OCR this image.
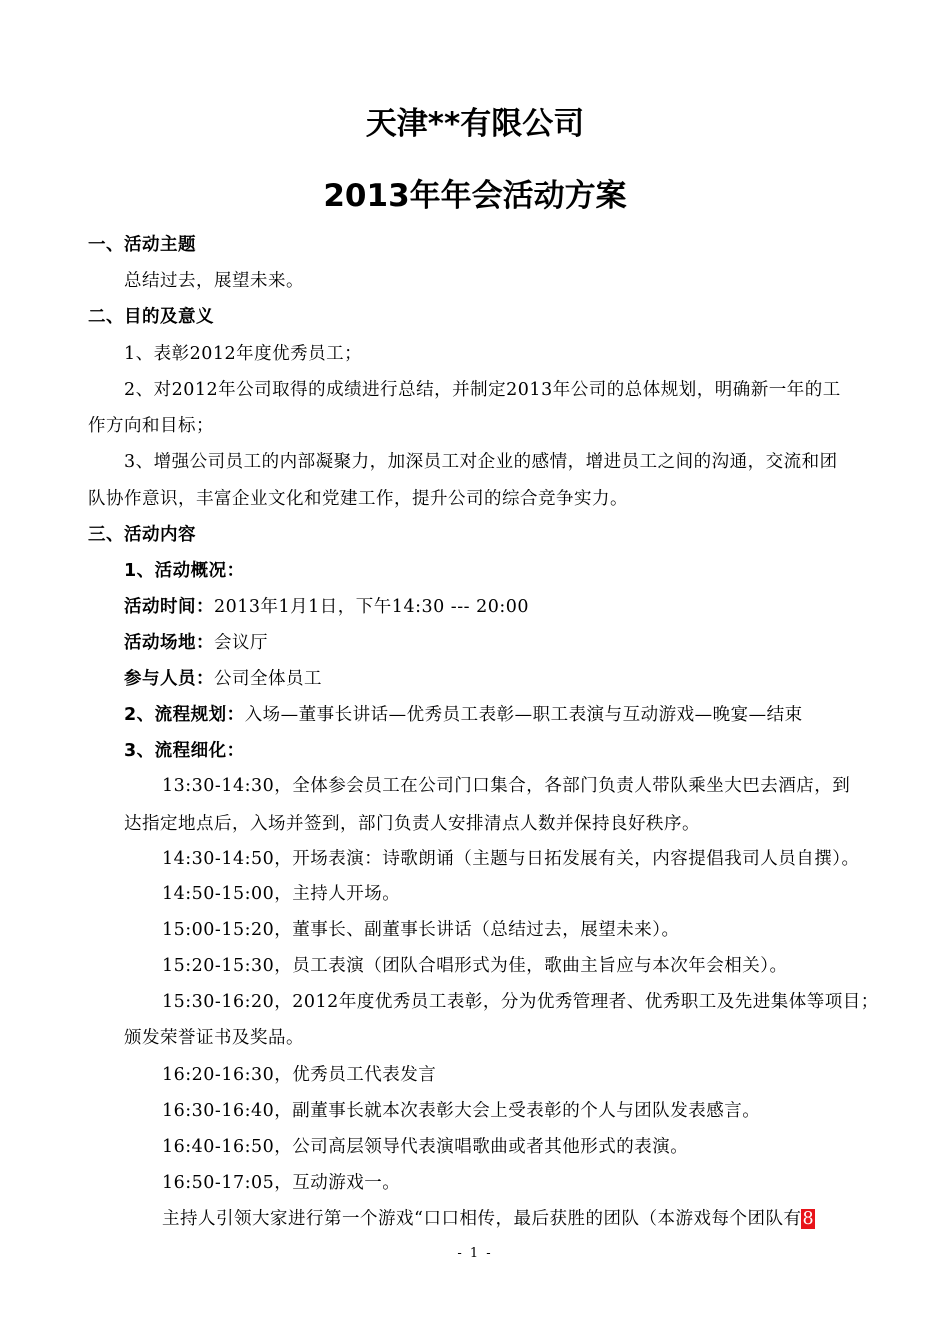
天津**有限公司
2013年年会活动方案
一、活动主题
总结过去，展望未来。
二、目的及意义
1、表彰2012年度优秀员工；
2、对2012年公司取得的成绩进行总结，并制定2013年公司的总体规划，明确新一年的工
作方向和目标；
3、增强公司员工的内部凝聚力，加深员工对企业的感情，增进员工之间的沟通，交流和团
队协作意识，丰富企业文化和党建工作，提升公司的综合竞争实力。
三、活动内容
1、活动概况：
活动时间：2013年1月1日，下午14:30 --- 20:00
活动场地：会议厅
参与人员：公司全体员工
2、流程规划：入场—董事长讲话—优秀员工表彰—职工表演与互动游戏—晚宴—结束
3、流程细化：
13:30-14:30，全体参会员工在公司门口集合，各部门负责人带队乘坐大巴去酒店，到
达指定地点后，入场并签到，部门负责人安排清点人数并保持良好秩序。
14:30-14:50，开场表演：诗歌朗诵（主题与日拓发展有关，内容提倡我司人员自撰）。
14:50-15:00，主持人开场。
15:00-15:20，董事长、副董事长讲话（总结过去，展望未来）。
15:20-15:30，员工表演（团队合唱形式为佳，歌曲主旨应与本次年会相关）。
15:30-16:20，2012年度优秀员工表彰，分为优秀管理者、优秀职工及先进集体等项目；
颁发荣誉证书及奖品。
16:20-16:30，优秀员工代表发言
16:30-16:40，副董事长就本次表彰大会上受表彰的个人与团队发表感言。
16:40-16:50，公司高层领导代表演唱歌曲或者其他形式的表演。
16:50-17:05，互动游戏一。
主持人引领大家进行第一个游戏“口口相传，最后获胜的团队（本游戏每个团队有8
- 1 -
